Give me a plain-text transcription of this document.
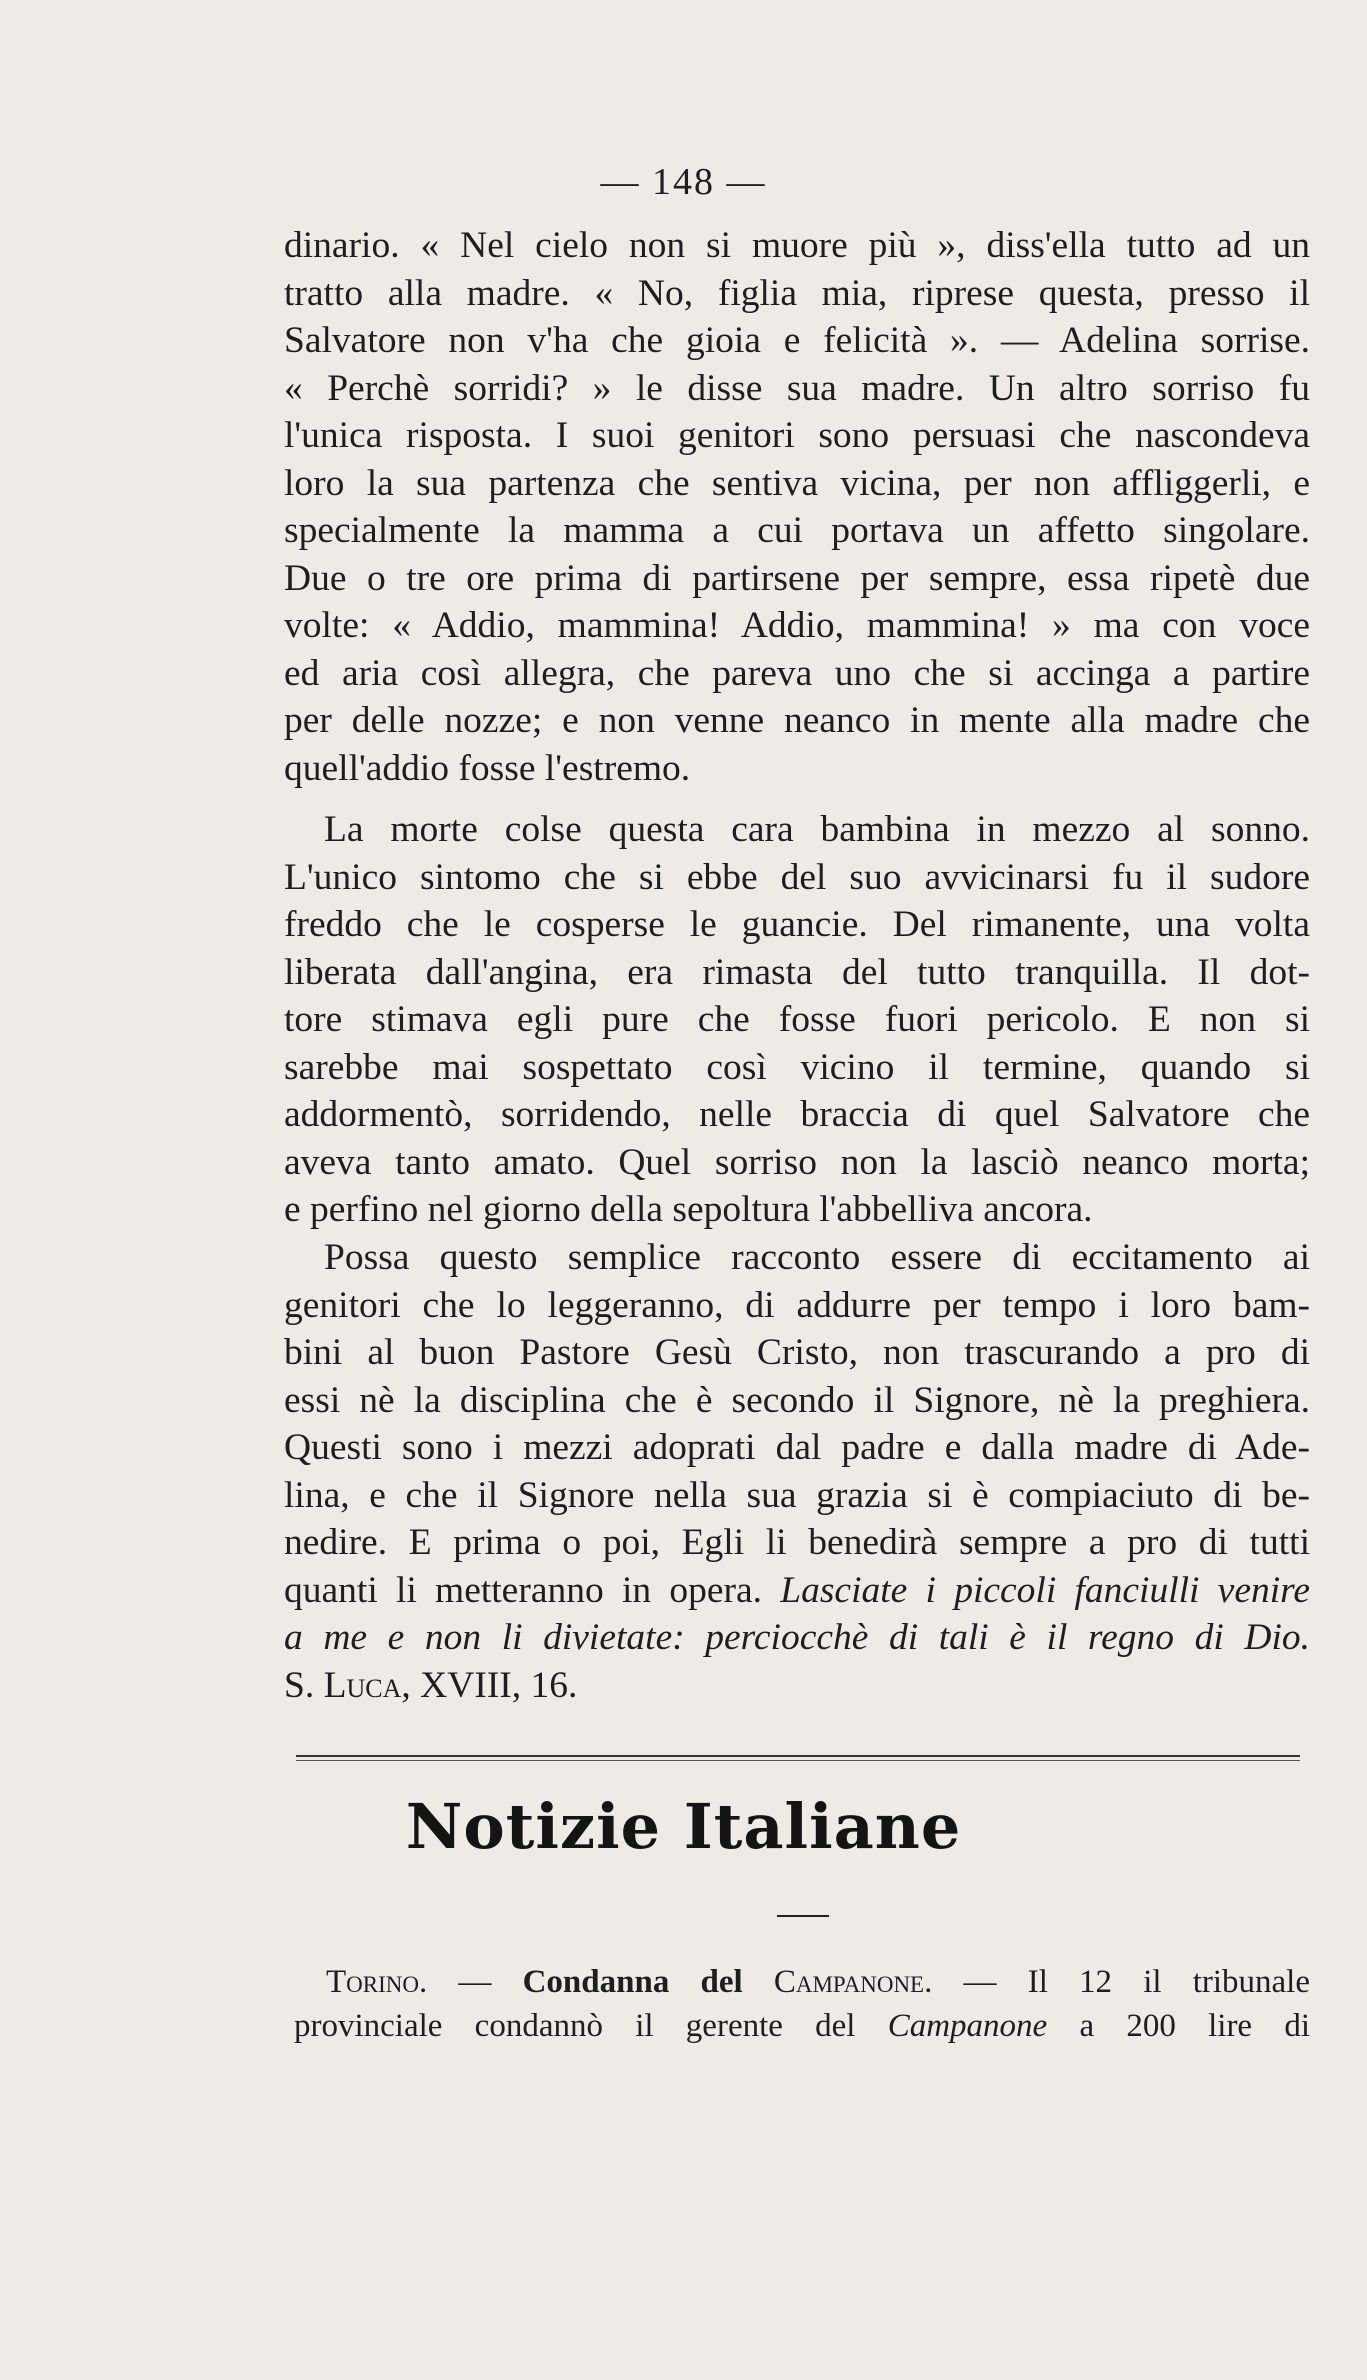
— 148 —
dinario. « Nel cielo non si muore più », diss'ella tutto ad un
tratto alla madre. « No, figlia mia, riprese questa, presso il
Salvatore non v'ha che gioia e felicità ». — Adelina sorrise.
« Perchè sorridi? » le disse sua madre. Un altro sorriso fu
l'unica risposta. I suoi genitori sono persuasi che nascondeva
loro la sua partenza che sentiva vicina, per non affliggerli, e
specialmente la mamma a cui portava un affetto singolare.
Due o tre ore prima di partirsene per sempre, essa ripetè due
volte: « Addio, mammina! Addio, mammina! » ma con voce
ed aria così allegra, che pareva uno che si accinga a partire
per delle nozze; e non venne neanco in mente alla madre che
quell'addio fosse l'estremo.
La morte colse questa cara bambina in mezzo al sonno.
L'unico sintomo che si ebbe del suo avvicinarsi fu il sudore
freddo che le cosperse le guancie. Del rimanente, una volta
liberata dall'angina, era rimasta del tutto tranquilla. Il dot-
tore stimava egli pure che fosse fuori pericolo. E non si
sarebbe mai sospettato così vicino il termine, quando si
addormentò, sorridendo, nelle braccia di quel Salvatore che
aveva tanto amato. Quel sorriso non la lasciò neanco morta;
e perfino nel giorno della sepoltura l'abbelliva ancora.
Possa questo semplice racconto essere di eccitamento ai
genitori che lo leggeranno, di addurre per tempo i loro bam-
bini al buon Pastore Gesù Cristo, non trascurando a pro di
essi nè la disciplina che è secondo il Signore, nè la preghiera.
Questi sono i mezzi adoprati dal padre e dalla madre di Ade-
lina, e che il Signore nella sua grazia si è compiaciuto di be-
nedire. E prima o poi, Egli li benedirà sempre a pro di tutti
quanti li metteranno in opera. Lasciate i piccoli fanciulli venire
a me e non li divietate: perciocchè di tali è il regno di Dio.
S. Luca, XVIII, 16.
Notizie Italiane
Torino. — Condanna del Campanone. — Il 12 il tribunale
provinciale condannò il gerente del Campanone a 200 lire di
